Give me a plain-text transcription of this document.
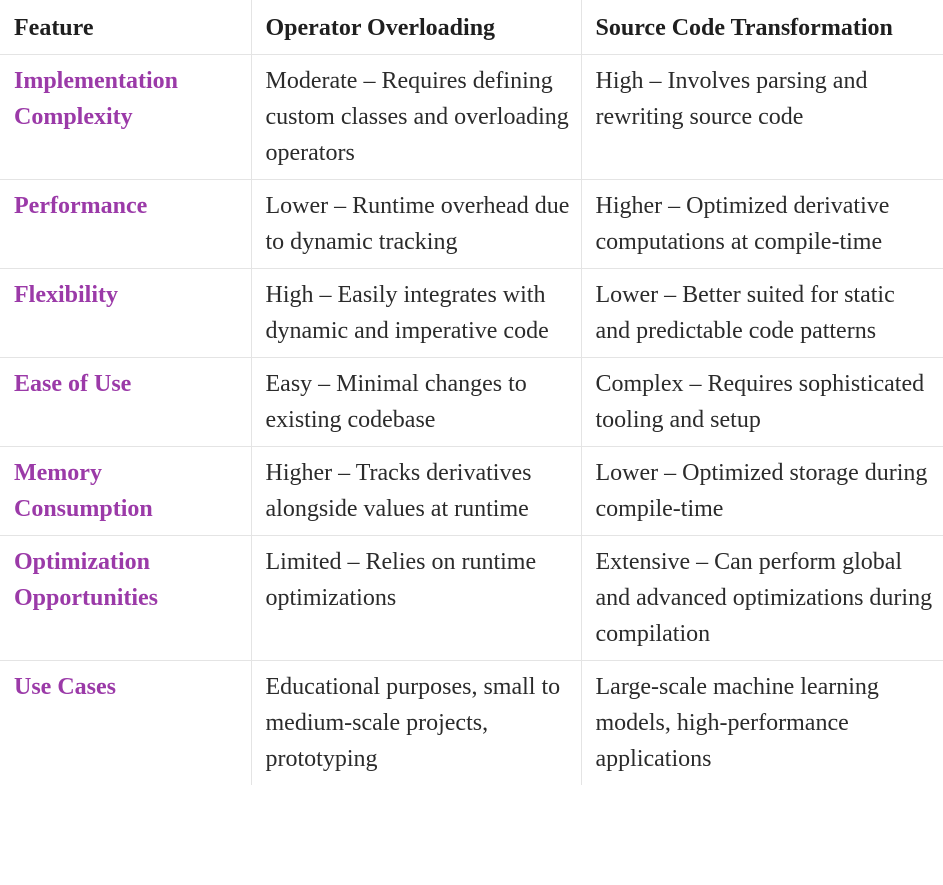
Feature	Operator Overloading	Source Code Transformation
Implementation Complexity	Moderate – Requires defining custom classes and overloading operators	High – Involves parsing and rewriting source code
Performance	Lower – Runtime overhead due to dynamic tracking	Higher – Optimized derivative computations at compile-time
Flexibility	High – Easily integrates with dynamic and imperative code	Lower – Better suited for static and predictable code patterns
Ease of Use	Easy – Minimal changes to existing codebase	Complex – Requires sophisticated tooling and setup
Memory Consumption	Higher – Tracks derivatives alongside values at runtime	Lower – Optimized storage during compile-time
Optimization Opportunities	Limited – Relies on runtime optimizations	Extensive – Can perform global and advanced optimizations during compilation
Use Cases	Educational purposes, small to medium-scale projects, prototyping	Large-scale machine learning models, high-performance applications
